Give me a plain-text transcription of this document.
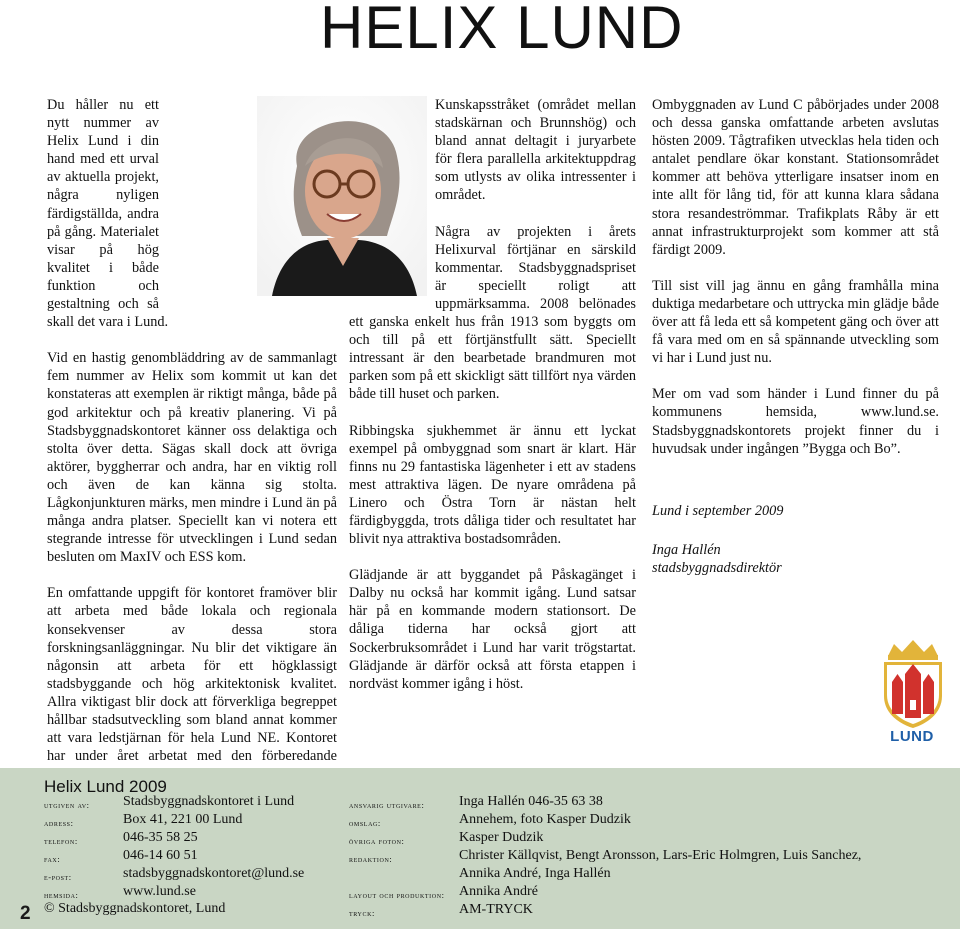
HELIX LUND

Du håller nu ett nytt nummer av Helix Lund i din hand med ett urval av aktuella projekt, några nyligen färdigställda, andra på gång. Materialet visar på hög kvalitet i både funktion och gestaltning och så skall det vara i Lund.

Vid en hastig genombläddring av de sammanlagt fem nummer av Helix som kommit ut kan det konstateras att exemplen är riktigt många, både på god arkitektur och på kreativ planering. Vi på Stadsbyggnadskontoret känner oss delaktiga och stolta över detta. Sägas skall dock att övriga aktörer, byggherrar och andra, har en viktig roll och även de kan känna sig stolta. Lågkonjunkturen märks, men mindre i Lund än på många andra platser. Speciellt kan vi notera ett stegrande intresse för utvecklingen i Lund sedan besluten om MaxIV och ESS kom.

En omfattande uppgift för kontoret framöver blir att arbeta med både lokala och regionala konsekvenser av dessa stora forskningsanläggningar. Nu blir det viktigare än någonsin att arbeta för ett högklassigt stadsbyggande och hög arkitektonisk kvalitet. Allra viktigast blir dock att förverkliga begreppet hållbar stadsutveckling som bland annat kommer att vara ledstjärnan för hela Lund NE. Kontoret har under året arbetat med den förberedande

Kunskapsstråket (området mellan stadskärnan och Brunnshög) och bland annat deltagit i juryarbete för flera parallella arkitektuppdrag som utlysts av olika intressenter i området.

Några av projekten i årets Helixurval förtjänar en särskild kommentar. Stadsbyggnadspriset är speciellt roligt att uppmärksamma. 2008 belönades ett ganska enkelt hus från 1913 som byggts om och till på ett förtjänstfullt sätt. Speciellt intressant är den bearbetade brandmuren mot parken som på ett skickligt sätt tillfört nya värden både till huset och parken.

Ribbingska sjukhemmet är ännu ett lyckat exempel på ombyggnad som snart är klart. Här finns nu 29 fantastiska lägenheter i ett av stadens mest attraktiva lägen. De nyare områdena på Linero och Östra Torn är nästan helt färdigbyggda, trots dåliga tider och resultatet har blivit nya attraktiva bostadsområden.

Glädjande är att byggandet på Påskagänget i Dalby nu också har kommit igång. Lund satsar här på en kommande modern stationsort. De dåliga tiderna har också gjort att Sockerbruksområdet i Lund har varit trögstartat. Glädjande är därför också att första etappen i nordväst kommer igång i höst.

Ombyggnaden av Lund C påbörjades under 2008 och dessa ganska omfattande arbeten avslutas hösten 2009. Tågtrafiken utvecklas hela tiden och antalet pendlare ökar konstant. Stationsområdet kommer att behöva ytterligare insatser inom en inte allt för lång tid, för att kunna klara sådana stora resandeströmmar. Trafikplats Råby är ett annat infrastrukturprojekt som kommer att stå färdigt 2009.

Till sist vill jag ännu en gång framhålla mina duktiga medarbetare och uttrycka min glädje både över att få leda ett så kompetent gäng och över att få vara med om en så spännande utveckling som vi har i Lund just nu.

Mer om vad som händer i Lund finner du på kommunens hemsida, www.lund.se. Stadsbyggnadskontorets projekt finner du i huvudsak under ingången ”Bygga och Bo”.

Lund i september 2009
Inga Hallén
stadsbyggnadsdirektör
LUND
Helix Lund 2009
utgiven av:
adress:
telefon:
fax:
e-post:
hemsida:
Stadsbyggnadskontoret i Lund
Box 41, 221 00 Lund
046-35 58 25
046-14 60 51
stadsbyggnadskontoret@lund.se
www.lund.se
© Stadsbyggnadskontoret, Lund
ansvarig utgivare:
omslag:
övriga foton:
redaktion:
layout och produktion:
tryck:
Inga Hallén 046-35 63 38
Annehem, foto Kasper Dudzik
Kasper Dudzik
Christer Källqvist, Bengt Aronsson, Lars-Eric Holmgren, Luis Sanchez,
Annika André, Inga Hallén
Annika André
AM-TRYCK
2
